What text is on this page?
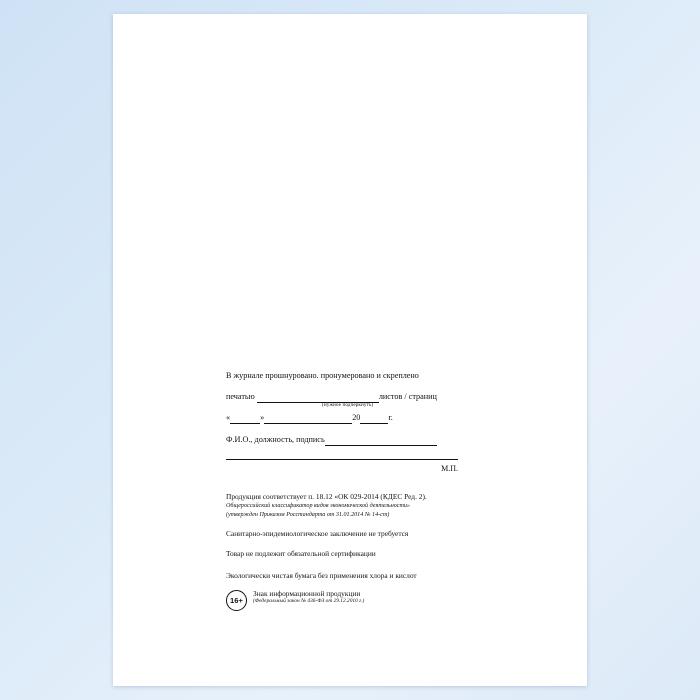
В журнале прошнуровано. пронумеровано и скреплено
печатью	листов / страниц
(нужное подчеркнуть)
«	»	20	г.
Ф.И.О., должность, подпись
М.П.
Продукция соответствует п. 18.12 «ОК 029-2014 (КДЕС Ред. 2).
Общероссийский классификатор видов экономической деятельности»
(утвержден Приказом Росстандарта от 31.01.2014 № 14-ст)
Санитарно-эпидемиологическое заключение не требуется
Товар не подлежит обязательной сертификации
Экологически чистая бумага без применения хлора и кислот
16+
Знак информационной продукции
(Федеральный закон № 436-ФЗ от 29.12.2010 г.)
